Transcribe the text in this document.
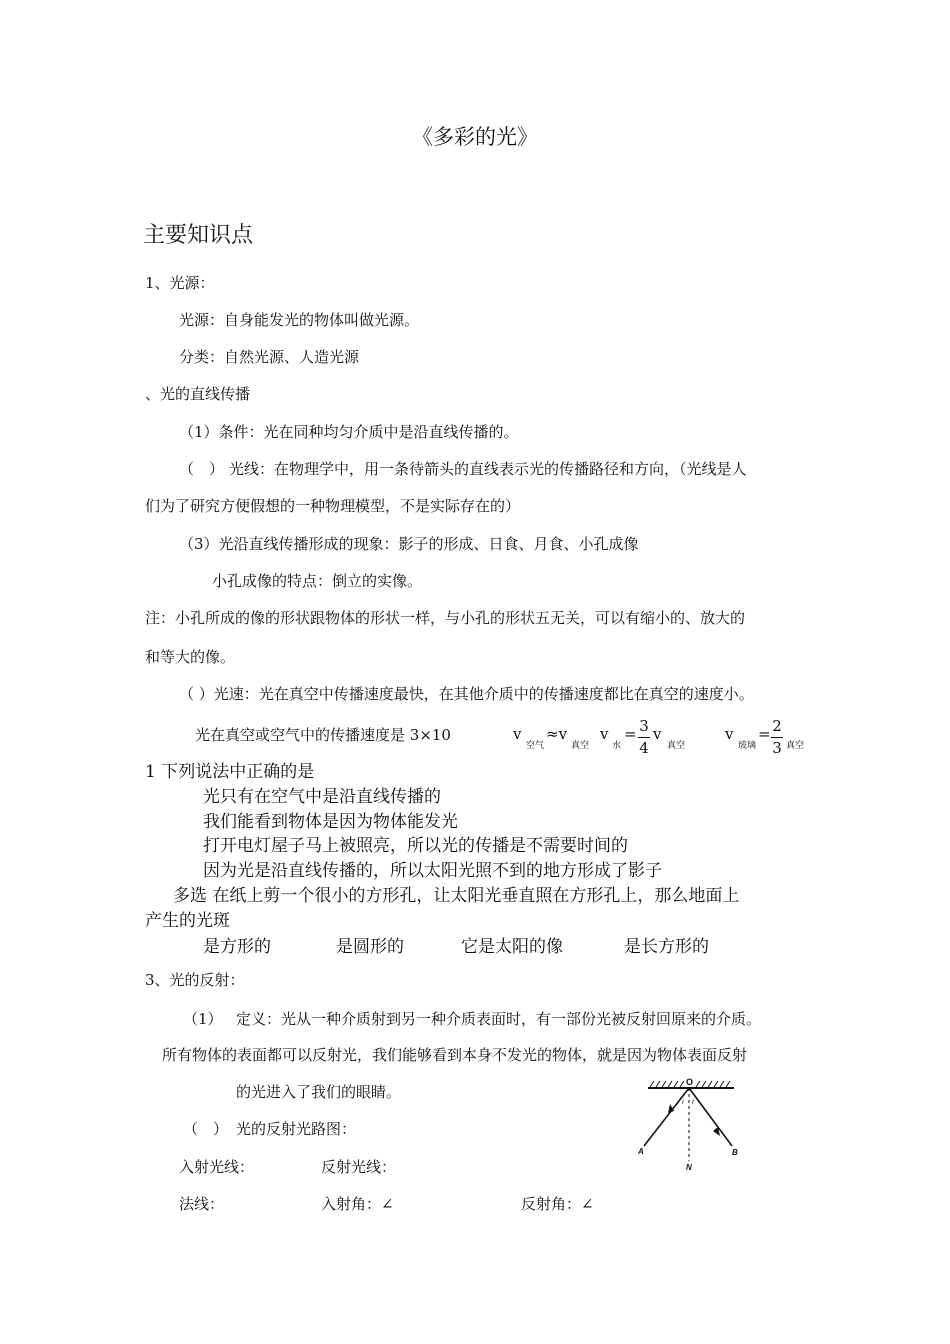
《多彩的光》
主要知识点
1、光源：
光源：自身能发光的物体叫做光源。
分类：自然光源、人造光源
、光的直线传播
（1）条件：光在同种均匀介质中是沿直线传播的。
（　） 光线：在物理学中，用一条待箭头的直线表示光的传播路径和方向，（光线是人
们为了研究方便假想的一种物理模型，不是实际存在的）
（3）光沿直线传播形成的现象：影子的形成、日食、月食、小孔成像
小孔成像的特点：倒立的实像。
注：小孔所成的像的形状跟物体的形状一样，与小孔的形状五无关，可以有缩小的、放大的
和等大的像。
（ ）光速：光在真空中传播速度最快，在其他介质中的传播速度都比在真空的速度小。
光在真空或空气中的传播速度是 3×10	v
空气
≈v
真空
v
水
= 3
4
v
真空
v
玻璃
= 2
3 真空
1 下列说法中正确的是
光只有在空气中是沿直线传播的
我们能看到物体是因为物体能发光
打开电灯屋子马上被照亮，所以光的传播是不需要时间的
因为光是沿直线传播的，所以太阳光照不到的地方形成了影子
多选 在纸上剪一个很小的方形孔，让太阳光垂直照在方形孔上，那么地面上
产生的光斑
是方形的	是圆形的	它是太阳的像	是长方形的
3、光的反射：
（1） 定义：光从一种介质射到另一种介质表面时，有一部份光被反射回原来的介质。
所有物体的表面都可以反射光，我们能够看到本身不发光的物体，就是因为物体表面反射
的光进入了我们的眼睛。
（　） 光的反射光路图：
入射光线：	反射光线：
法线：	入射角：∠	反射角：∠
O
A	B
N
i r
